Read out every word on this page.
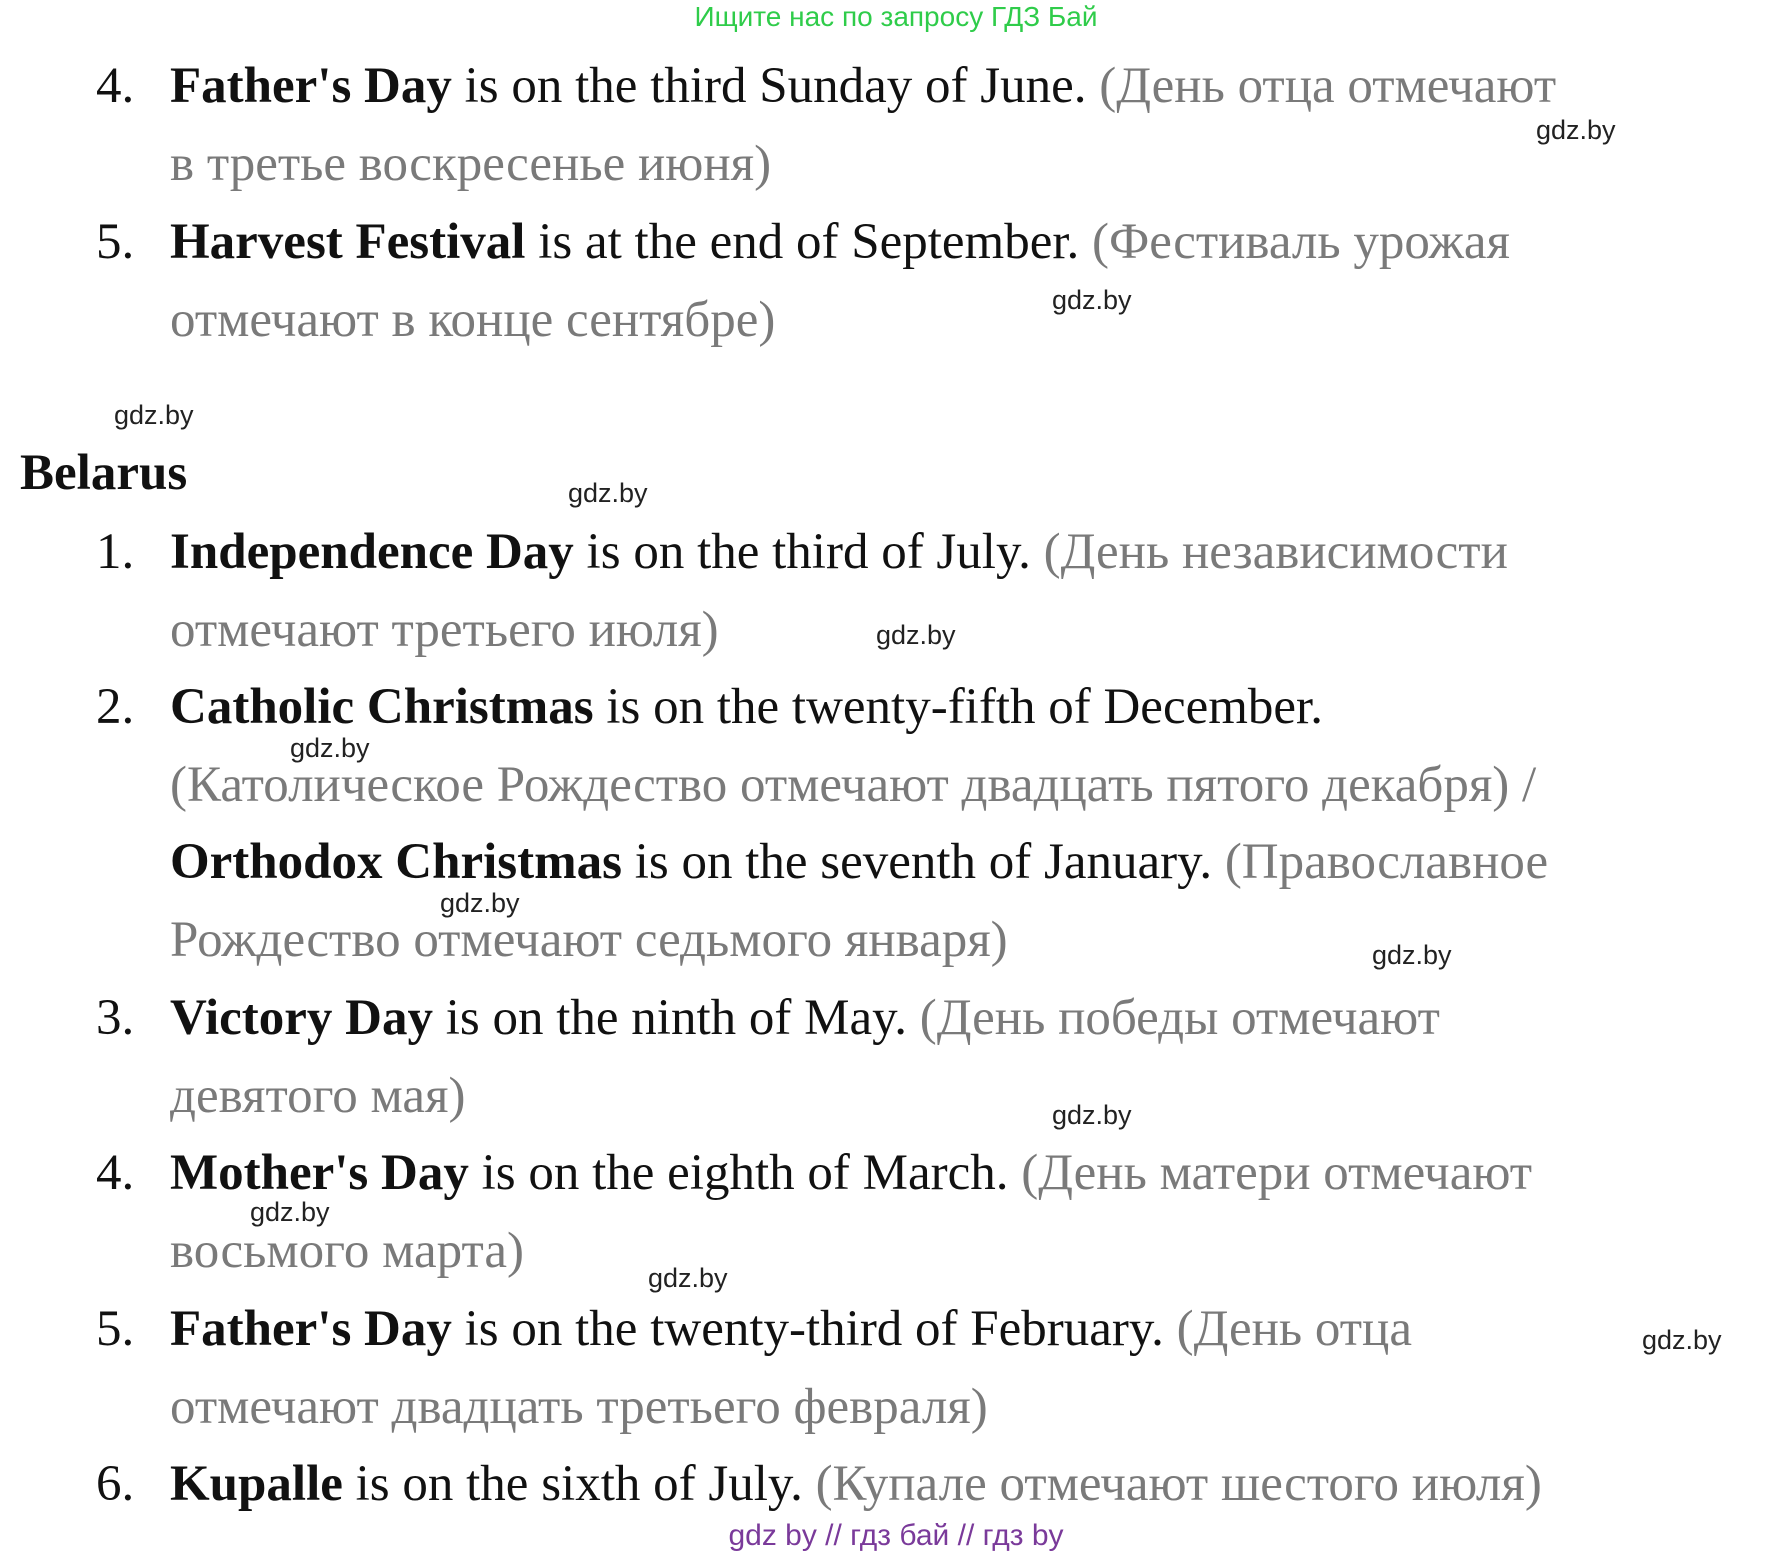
Ищите нас по запросу ГДЗ Бай
4. Father's Day is on the third Sunday of June. (День отца отмечают
в третье воскресенье июня)
5. Harvest Festival is at the end of September. (Фестиваль урожая
отмечают в конце сентябре)
Belarus
1. Independence Day is on the third of July. (День независимости
отмечают третьего июля)
2. Catholic Christmas is on the twenty-fifth of December.
(Католическое Рождество отмечают двадцать пятого декабря) /
Orthodox Christmas is on the seventh of January. (Православное
Рождество отмечают седьмого января)
3. Victory Day is on the ninth of May. (День победы отмечают
девятого мая)
4. Mother's Day is on the eighth of March. (День матери отмечают
восьмого марта)
5. Father's Day is on the twenty-third of February. (День отца
отмечают двадцать третьего февраля)
6. Kupalle is on the sixth of July. (Купале отмечают шестого июля)
gdz.by
gdz.by
gdz.by
gdz.by
gdz.by
gdz.by
gdz.by
gdz.by
gdz.by
gdz.by
gdz.by
gdz.by
gdz by // гдз бай // гдз by
